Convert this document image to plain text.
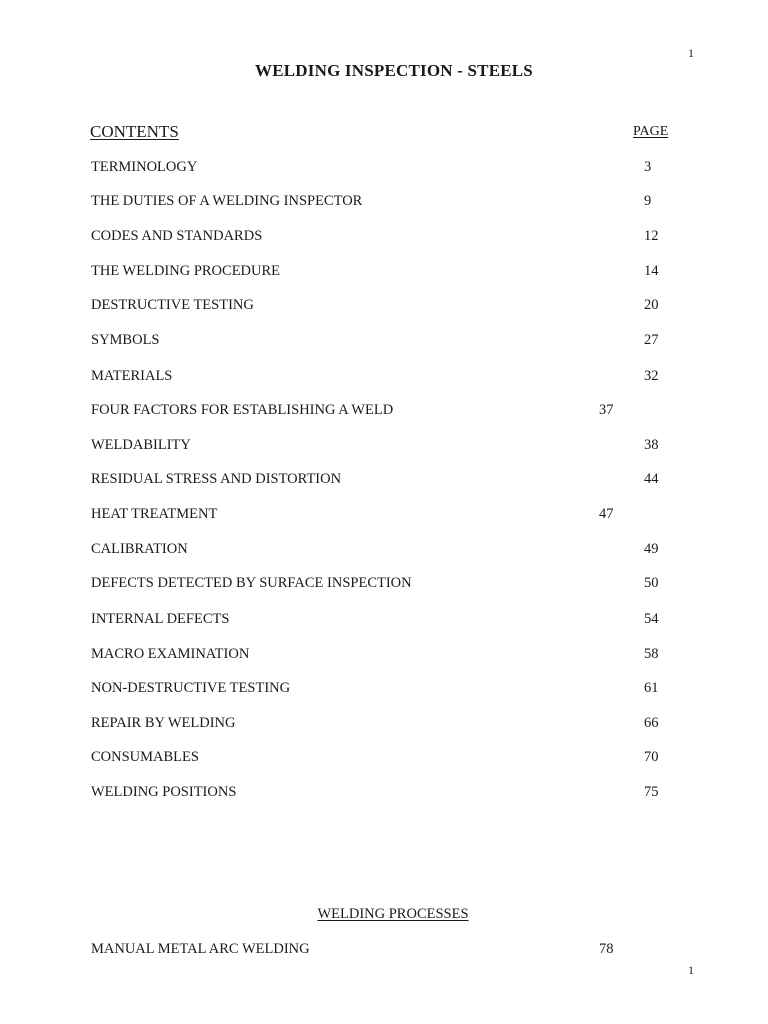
1
WELDING INSPECTION - STEELS
CONTENTS	PAGE
TERMINOLOGY	3
THE DUTIES OF A WELDING INSPECTOR	9
CODES AND STANDARDS	12
THE WELDING PROCEDURE	14
DESTRUCTIVE TESTING	20
SYMBOLS	27
MATERIALS	32
FOUR FACTORS FOR ESTABLISHING A WELD	37
WELDABILITY	38
RESIDUAL STRESS AND DISTORTION	44
HEAT TREATMENT	47
CALIBRATION	49
DEFECTS DETECTED BY SURFACE INSPECTION	50
INTERNAL DEFECTS	54
MACRO EXAMINATION	58
NON-DESTRUCTIVE TESTING	61
REPAIR BY WELDING	66
CONSUMABLES	70
WELDING POSITIONS	75
WELDING PROCESSES
MANUAL METAL ARC WELDING	78
1
